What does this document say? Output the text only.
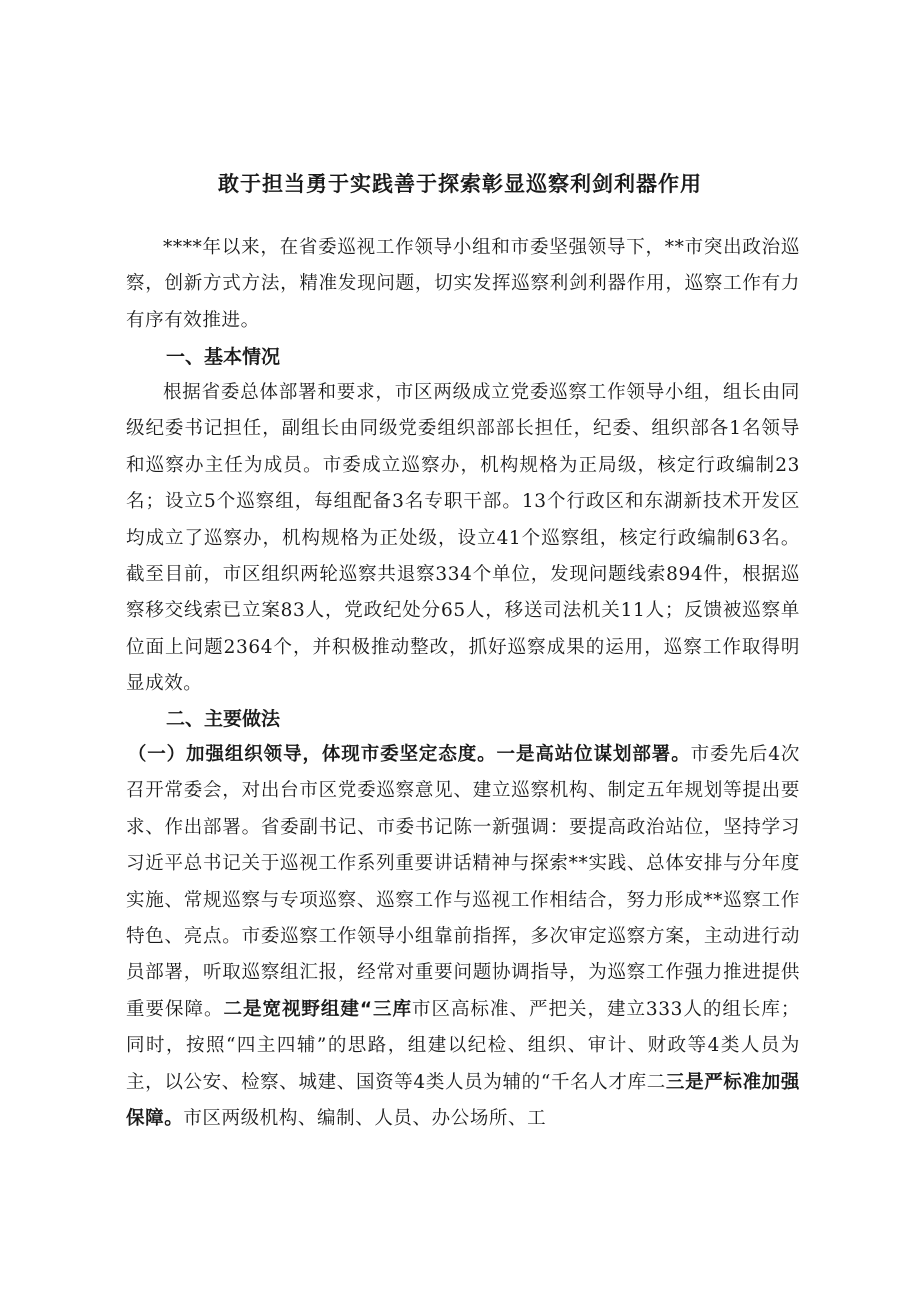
敢于担当勇于实践善于探索彰显巡察利剑利器作用

****年以来，在省委巡视工作领导小组和市委坚强领导下，**市突出政治巡察，创新方式方法，精准发现问题，切实发挥巡察利剑利器作用，巡察工作有力有序有效推进。

一、基本情况

根据省委总体部署和要求，市区两级成立党委巡察工作领导小组，组长由同级纪委书记担任，副组长由同级党委组织部部长担任，纪委、组织部各1名领导和巡察办主任为成员。市委成立巡察办，机构规格为正局级，核定行政编制23名；设立5个巡察组，每组配备3名专职干部。13个行政区和东湖新技术开发区均成立了巡察办，机构规格为正处级，设立41个巡察组，核定行政编制63名。截至目前，市区组织两轮巡察共退察334个单位，发现问题线索894件，根据巡察移交线索已立案83人，党政纪处分65人，移送司法机关11人；反馈被巡察单位面上问题2364个，并积极推动整改，抓好巡察成果的运用，巡察工作取得明显成效。

二、主要做法

（一）加强组织领导，体现市委坚定态度。一是高站位谋划部署。市委先后4次召开常委会，对出台市区党委巡察意见、建立巡察机构、制定五年规划等提出要求、作出部署。省委副书记、市委书记陈一新强调：要提高政治站位，坚持学习习近平总书记关于巡视工作系列重要讲话精神与探索**实践、总体安排与分年度实施、常规巡察与专项巡察、巡察工作与巡视工作相结合，努力形成**巡察工作特色、亮点。市委巡察工作领导小组靠前指挥，多次审定巡察方案，主动进行动员部署，听取巡察组汇报，经常对重要问题协调指导，为巡察工作强力推进提供重要保障。二是宽视野组建“三库市区高标准、严把关，建立333人的组长库；同时，按照“四主四辅”的思路，组建以纪检、组织、审计、财政等4类人员为主，以公安、检察、城建、国资等4类人员为辅的“千名人才库二三是严标准加强保障。市区两级机构、编制、人员、办公场所、工
